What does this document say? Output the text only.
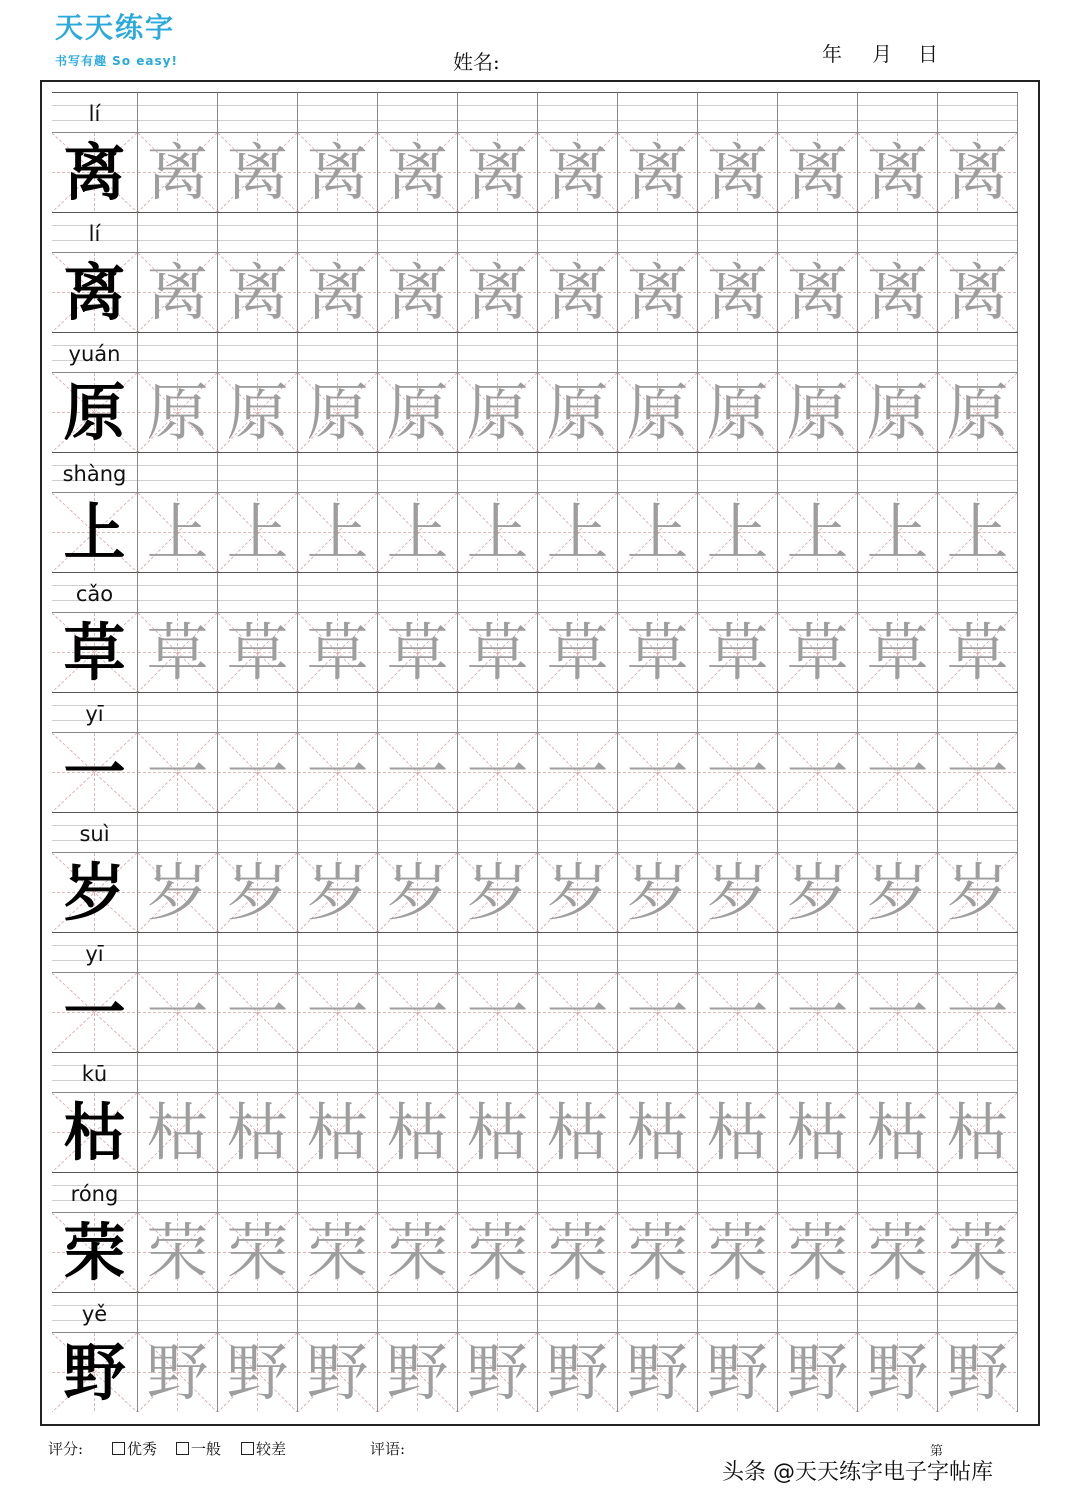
天天练字
书写有趣 So easy!	姓名:	年 月 日
lí
离 离 离 离 离 离 离 离 离 离 离 离
lí
离 离 离 离 离 离 离 离 离 离 离 离
yuán
原 原 原 原 原 原 原 原 原 原 原 原
shàng
上 上 上 上 上 上 上 上 上 上 上 上
cǎo
草 草 草 草 草 草 草 草 草 草 草 草
yī
一 一 一 一 一 一 一 一 一 一 一 一
suì
岁 岁 岁 岁 岁 岁 岁 岁 岁 岁 岁 岁
yī
一 一 一 一 一 一 一 一 一 一 一 一
kū
枯 枯 枯 枯 枯 枯 枯 枯 枯 枯 枯 枯
róng
荣 荣 荣 荣 荣 荣 荣 荣 荣 荣 荣 荣
yě
野 野 野 野 野 野 野 野 野 野 野 野
评分:	优秀	一般	较差	评语:	第
头条 @天天练字电子字帖库
